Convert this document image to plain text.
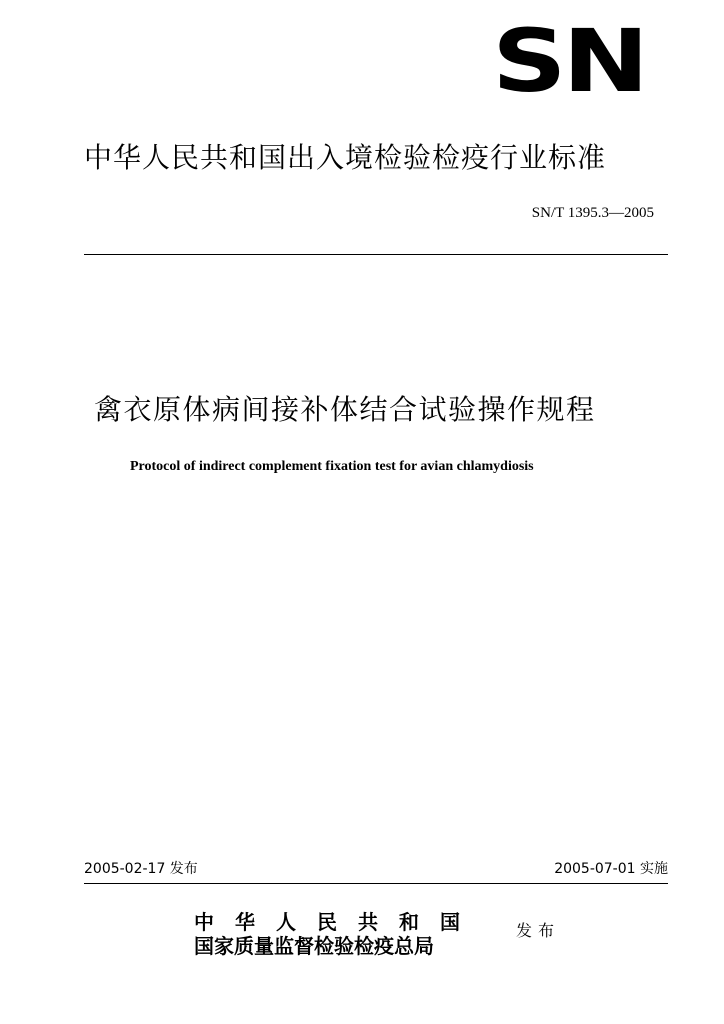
SN
中华人民共和国出入境检验检疫行业标准
SN/T 1395.3—2005
禽衣原体病间接补体结合试验操作规程
Protocol of indirect complement fixation test for avian chlamydiosis
2005-02-17 发布	2005-07-01 实施
中华人民共和国
国家质量监督检验检疫总局
发布
